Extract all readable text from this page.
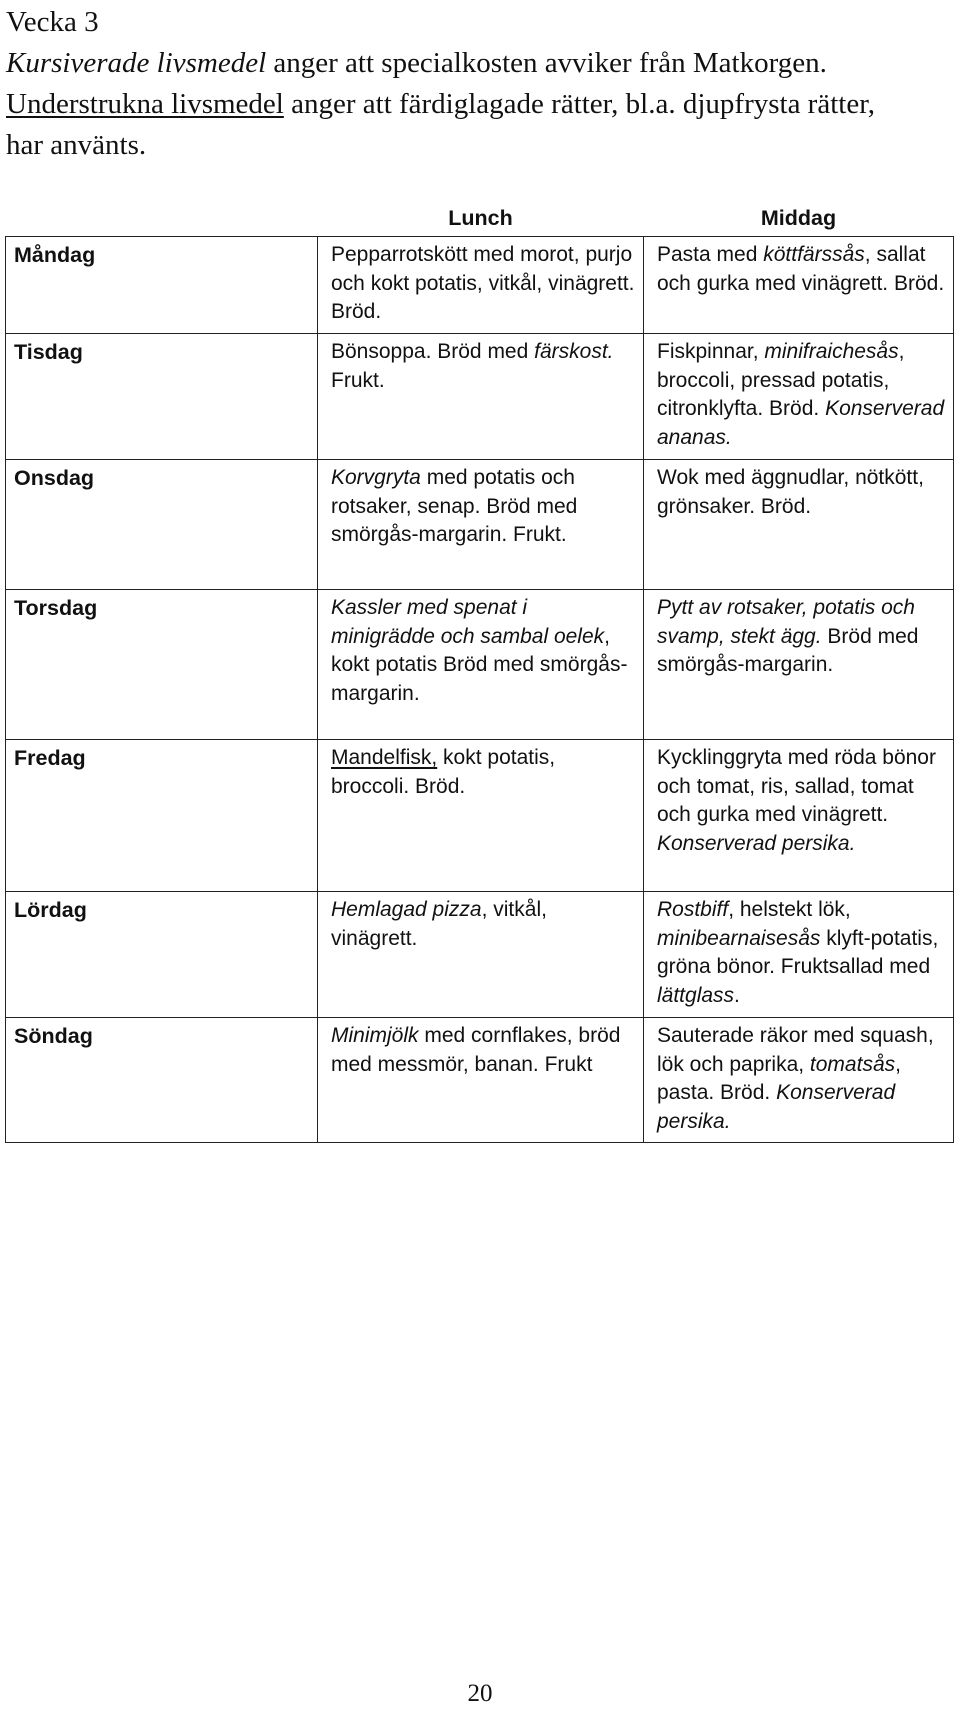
Vecka 3
Kursiverade livsmedel anger att specialkosten avviker från Matkorgen.
Understrukna livsmedel anger att färdiglagade rätter, bl.a. djupfrysta rätter,
har använts.
	Lunch	Middag
Måndag	Pepparrotskött med morot, purjo och kokt potatis, vitkål, vinägrett. Bröd.	Pasta med köttfärssås, sallat och gurka med vinägrett. Bröd.
Tisdag	Bönsoppa. Bröd med färskost. Frukt.	Fiskpinnar, minifraichesås, broccoli, pressad potatis, citronklyfta. Bröd. Konserverad ananas.
Onsdag	Korvgryta med potatis och rotsaker, senap. Bröd med smörgås-margarin. Frukt.	Wok med äggnudlar, nötkött, grönsaker. Bröd.
Torsdag	Kassler med spenat i minigrädde och sambal oelek, kokt potatis Bröd med smörgås-margarin.	Pytt av rotsaker, potatis och svamp, stekt ägg. Bröd med smörgås-margarin.
Fredag	Mandelfisk, kokt potatis, broccoli. Bröd.	Kycklinggryta med röda bönor och tomat, ris, sallad, tomat och gurka med vinägrett. Konserverad persika.
Lördag	Hemlagad pizza, vitkål, vinägrett.	Rostbiff, helstekt lök, minibearnaisesås klyft-potatis, gröna bönor. Fruktsallad med lättglass.
Söndag	Minimjölk med cornflakes, bröd med messmör, banan. Frukt	Sauterade räkor med squash, lök och paprika, tomatsås, pasta. Bröd. Konserverad persika.
20
